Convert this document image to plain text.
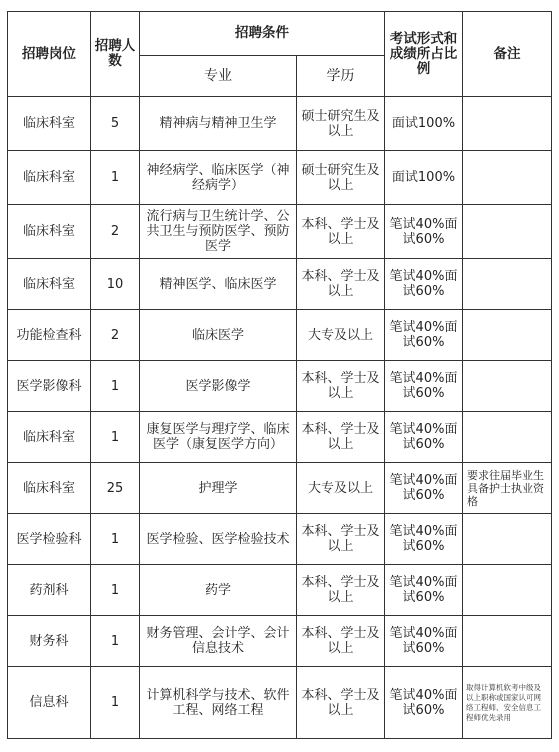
招聘岗位	招聘人数	招聘条件		考试形式和成绩所占比例	备注
		专业	学历		
临床科室	5	精神病与精神卫生学	硕士研究生及以上	面试100%	
临床科室	1	神经病学、临床医学（神经病学）	硕士研究生及以上	面试100%	
临床科室	2	流行病与卫生统计学、公共卫生与预防医学、预防医学	本科、学士及以上	笔试40%面试60%	
临床科室	10	精神医学、临床医学	本科、学士及以上	笔试40%面试60%	
功能检查科	2	临床医学	大专及以上	笔试40%面试60%	
医学影像科	1	医学影像学	本科、学士及以上	笔试40%面试60%	
临床科室	1	康复医学与理疗学、临床医学（康复医学方向）	本科、学士及以上	笔试40%面试60%	
临床科室	25	护理学	大专及以上	笔试40%面试60%	要求往届毕业生具备护士执业资格
医学检验科	1	医学检验、医学检验技术	本科、学士及以上	笔试40%面试60%	
药剂科	1	药学	本科、学士及以上	笔试40%面试60%	
财务科	1	财务管理、会计学、会计信息技术	本科、学士及以上	笔试40%面试60%	
信息科	1	计算机科学与技术、软件工程、网络工程	本科、学士及以上	笔试40%面试60%	取得计算机软考中级及以上职称或国家认可网络工程师、安全信息工程师优先录用
